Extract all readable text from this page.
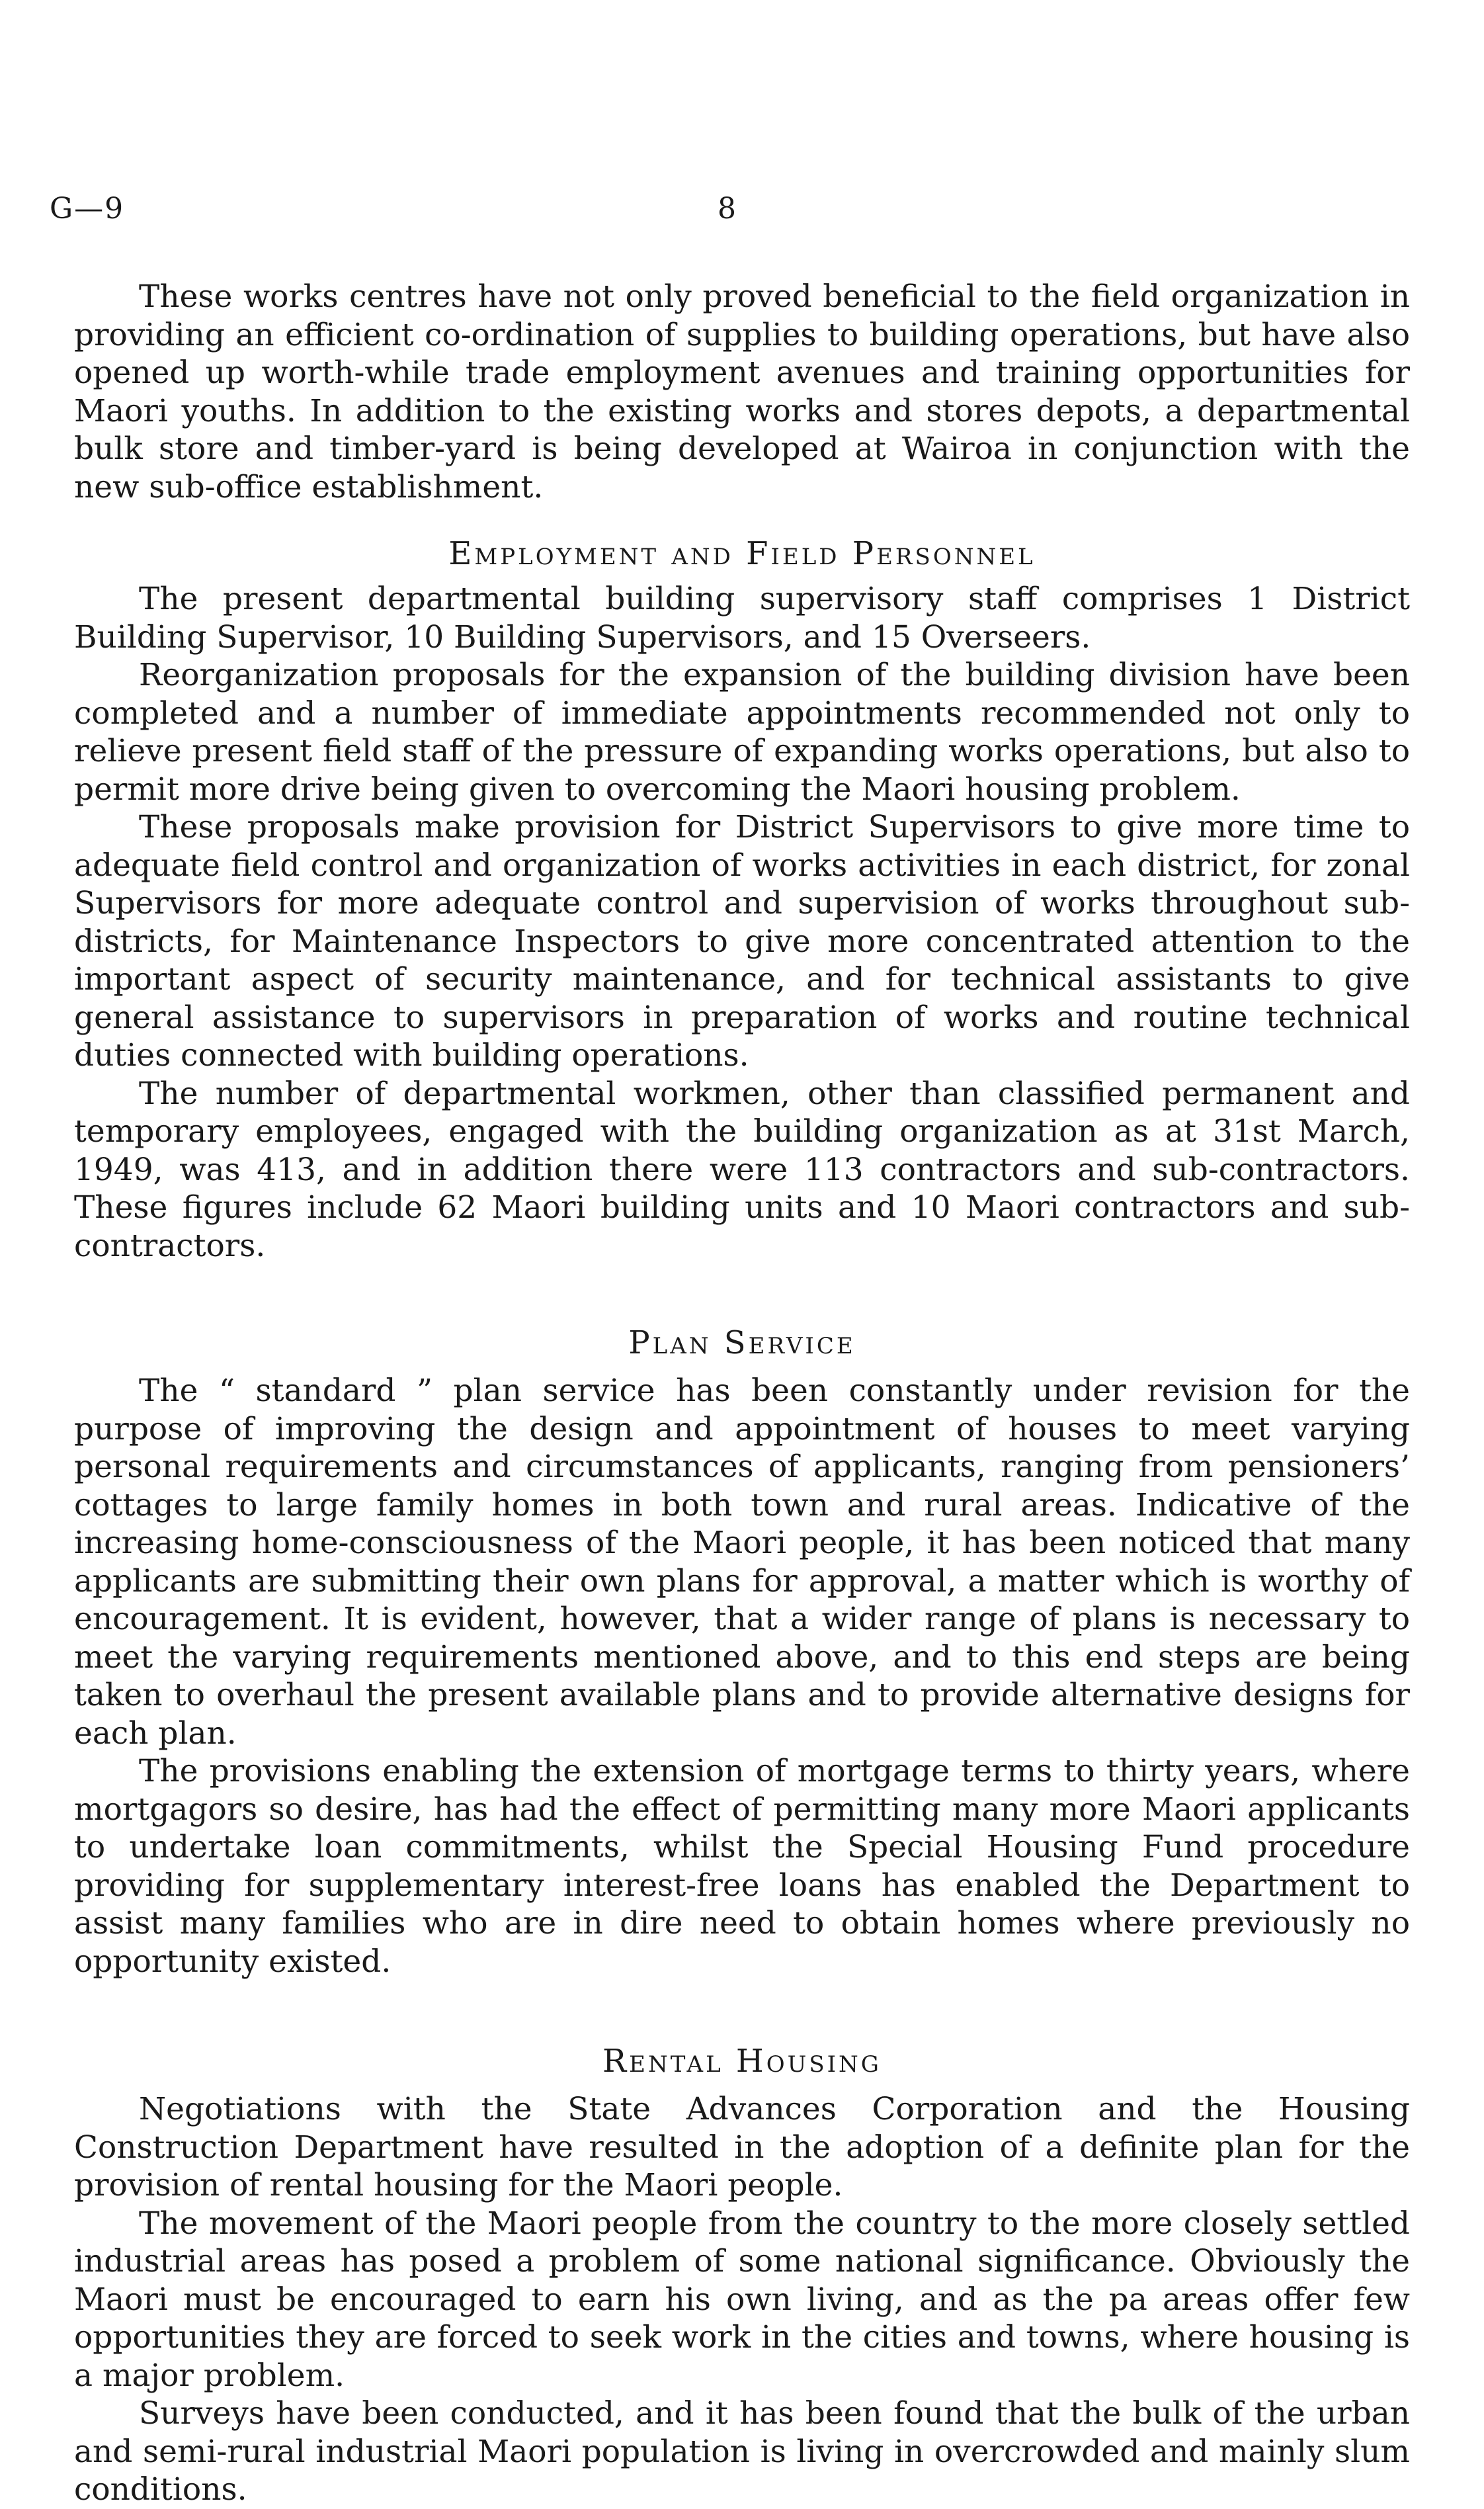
G—9	8

These works centres have not only proved beneficial to the field organization in providing an efficient co-ordination of supplies to building operations, but have also opened up worth-while trade employment avenues and training opportunities for Maori youths. In addition to the existing works and stores depots, a departmental bulk store and timber-yard is being developed at Wairoa in conjunction with the new sub-office establishment.

Employment and Field Personnel

The present departmental building supervisory staff comprises 1 District Building Supervisor, 10 Building Supervisors, and 15 Overseers.

Reorganization proposals for the expansion of the building division have been completed and a number of immediate appointments recommended not only to relieve present field staff of the pressure of expanding works operations, but also to permit more drive being given to overcoming the Maori housing problem.

These proposals make provision for District Supervisors to give more time to adequate field control and organization of works activities in each district, for zonal Supervisors for more adequate control and supervision of works throughout sub-districts, for Maintenance Inspectors to give more concentrated attention to the important aspect of security maintenance, and for technical assistants to give general assistance to supervisors in preparation of works and routine technical duties connected with building operations.

The number of departmental workmen, other than classified permanent and temporary employees, engaged with the building organization as at 31st March, 1949, was 413, and in addition there were 113 contractors and sub-contractors. These figures include 62 Maori building units and 10 Maori contractors and sub-contractors.

Plan Service

The “ standard ” plan service has been constantly under revision for the purpose of improving the design and appointment of houses to meet varying personal requirements and circumstances of applicants, ranging from pensioners’ cottages to large family homes in both town and rural areas. Indicative of the increasing home-consciousness of the Maori people, it has been noticed that many applicants are submitting their own plans for approval, a matter which is worthy of encouragement. It is evident, however, that a wider range of plans is necessary to meet the varying requirements mentioned above, and to this end steps are being taken to overhaul the present available plans and to provide alternative designs for each plan.

The provisions enabling the extension of mortgage terms to thirty years, where mortgagors so desire, has had the effect of permitting many more Maori applicants to undertake loan commitments, whilst the Special Housing Fund procedure providing for supplementary interest-free loans has enabled the Department to assist many families who are in dire need to obtain homes where previously no opportunity existed.

Rental Housing

Negotiations with the State Advances Corporation and the Housing Construction Department have resulted in the adoption of a definite plan for the provision of rental housing for the Maori people.

The movement of the Maori people from the country to the more closely settled industrial areas has posed a problem of some national significance. Obviously the Maori must be encouraged to earn his own living, and as the pa areas offer few opportunities they are forced to seek work in the cities and towns, where housing is a major problem.

Surveys have been conducted, and it has been found that the bulk of the urban and semi-rural industrial Maori population is living in overcrowded and mainly slum conditions.
